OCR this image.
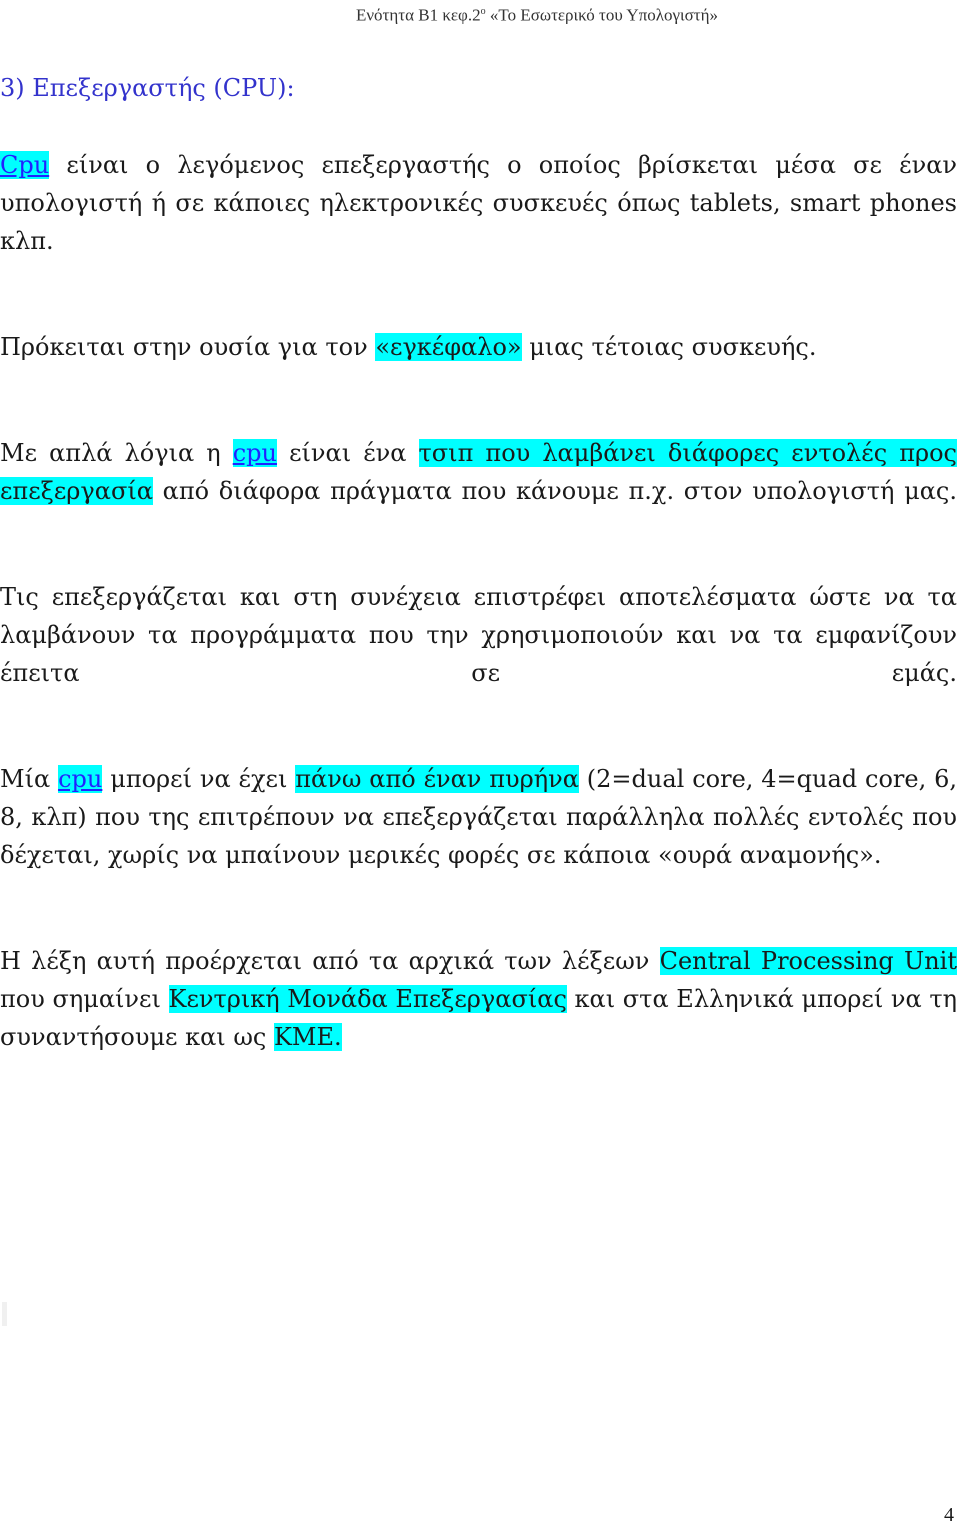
Ενότητα Β1 $\kappa\varepsilon\varphi.2^o$ «Το Εσωτερικό του Υπολογιστή»
3) Επεξεργαστής (CPU):

Cpu είναι ο λεγόμενος επεξεργαστής ο οποίος βρίσκεται μέσα σε έναν υπολογιστή ή σε κάποιες ηλεκτρονικές συσκευές όπως tablets, smart phones κλπ.

Πρόκειται στην ουσία για τον «εγκέφαλο» μιας τέτοιας συσκευής.

Με απλά λόγια η cpu είναι ένα τσιπ που λαμβάνει διάφορες εντολές προς επεξεργασία από διάφορα πράγματα που κάνουμε π.χ. στον υπολογιστή μας.

Τις επεξεργάζεται και στη συνέχεια επιστρέφει αποτελέσματα ώστε να τα λαμβάνουν τα προγράμματα που την χρησιμοποιούν και να τα εμφανίζουν έπειτα σε εμάς.

Μία cpu μπορεί να έχει πάνω από έναν πυρήνα (2=dual core, 4=quad core, 6, 8, κλπ) που της επιτρέπουν να επεξεργάζεται παράλληλα πολλές εντολές που δέχεται, χωρίς να μπαίνουν μερικές φορές σε κάποια «ουρά αναμονής».

Η λέξη αυτή προέρχεται από τα αρχικά των λέξεων Central Processing Unit που σημαίνει Κεντρική Μονάδα Επεξεργασίας και στα Ελληνικά μπορεί να τη συναντήσουμε και ως ΚΜΕ.

4
